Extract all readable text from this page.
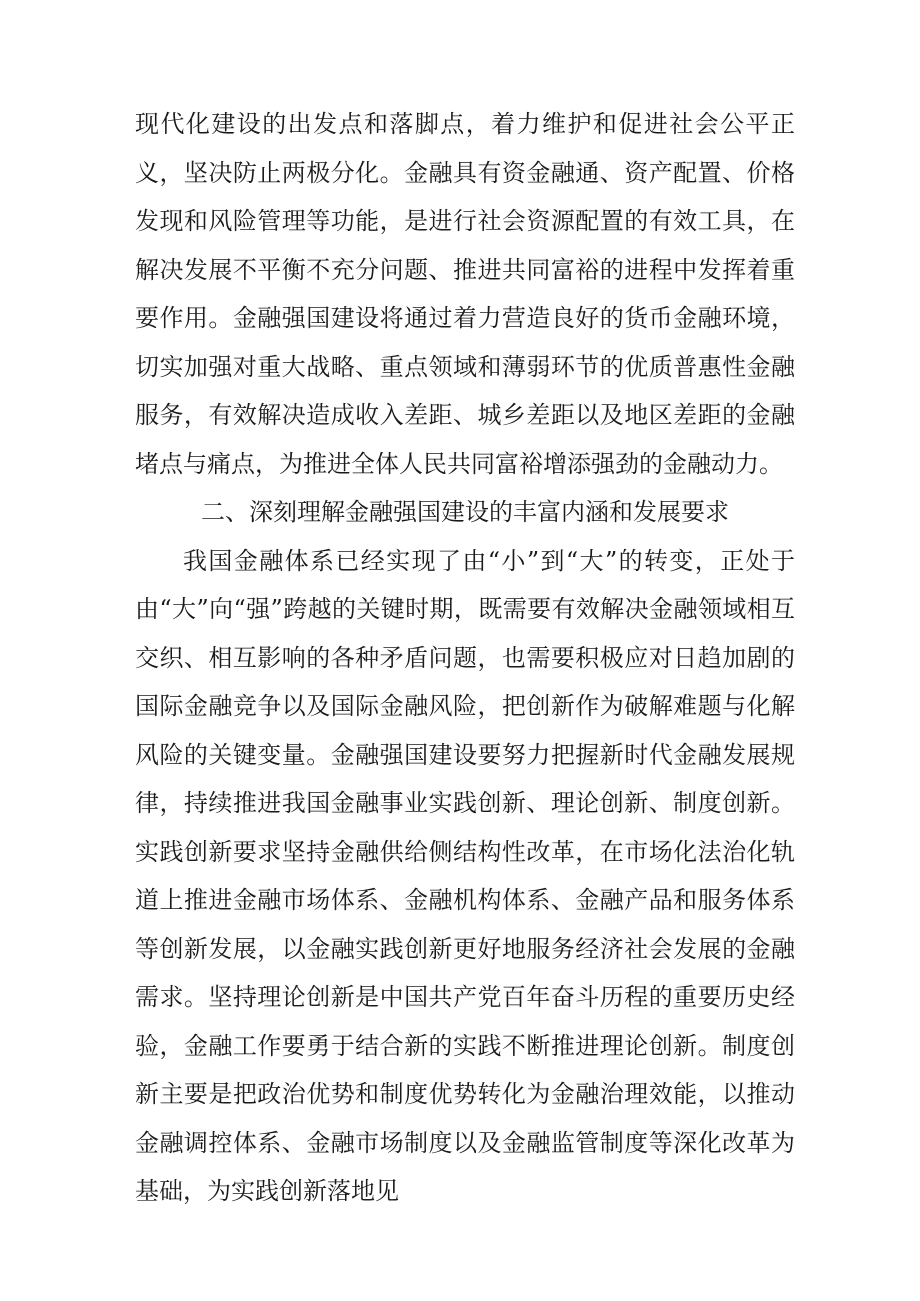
现代化建设的出发点和落脚点，着力维护和促进社会公平正义，坚决防止两极分化。金融具有资金融通、资产配置、价格发现和风险管理等功能，是进行社会资源配置的有效工具，在解决发展不平衡不充分问题、推进共同富裕的进程中发挥着重要作用。金融强国建设将通过着力营造良好的货币金融环境，切实加强对重大战略、重点领域和薄弱环节的优质普惠性金融服务，有效解决造成收入差距、城乡差距以及地区差距的金融堵点与痛点，为推进全体人民共同富裕增添强劲的金融动力。

二、深刻理解金融强国建设的丰富内涵和发展要求

我国金融体系已经实现了由“小”到“大”的转变，正处于由“大”向“强”跨越的关键时期，既需要有效解决金融领域相互交织、相互影响的各种矛盾问题，也需要积极应对日趋加剧的国际金融竞争以及国际金融风险，把创新作为破解难题与化解风险的关键变量。金融强国建设要努力把握新时代金融发展规律，持续推进我国金融事业实践创新、理论创新、制度创新。实践创新要求坚持金融供给侧结构性改革，在市场化法治化轨道上推进金融市场体系、金融机构体系、金融产品和服务体系等创新发展，以金融实践创新更好地服务经济社会发展的金融需求。坚持理论创新是中国共产党百年奋斗历程的重要历史经验，金融工作要勇于结合新的实践不断推进理论创新。制度创新主要是把政治优势和制度优势转化为金融治理效能，以推动金融调控体系、金融市场制度以及金融监管制度等深化改革为基础，为实践创新落地见
